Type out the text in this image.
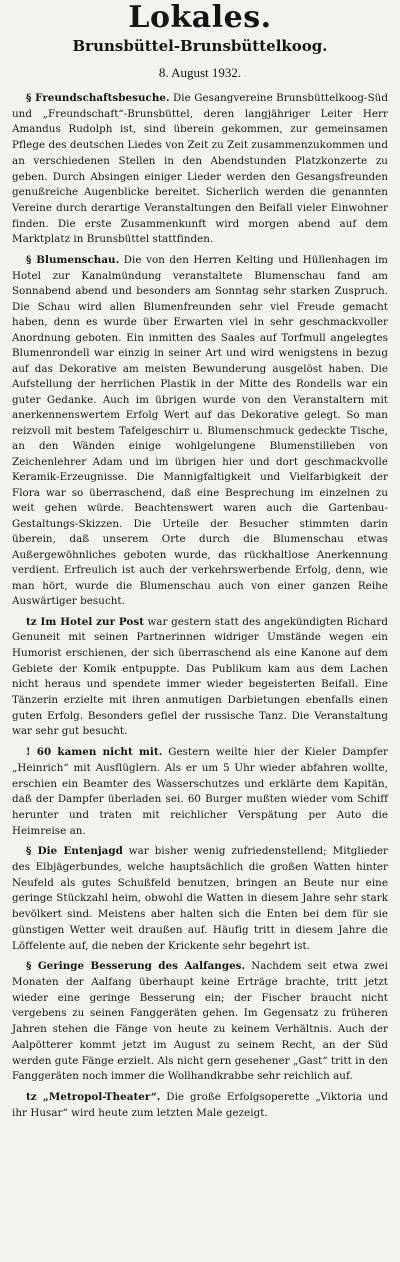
Lokales.
Brunsbüttel-Brunsbüttelkoog.
8. August 1932.

§ Freundschaftsbesuche. Die Gesangvereine Brunsbüttelkoog-Süd und „Freundschaft“-Brunsbüttel, deren langjähriger Leiter Herr Amandus Rudolph ist, sind überein gekommen, zur gemeinsamen Pflege des deutschen Liedes von Zeit zu Zeit zusammenzukommen und an verschiedenen Stellen in den Abendstunden Platzkonzerte zu geben. Durch Absingen einiger Lieder werden den Gesangsfreunden genußreiche Augenblicke bereitet. Sicherlich werden die genannten Vereine durch derartige Veranstaltungen den Beifall vieler Einwohner finden. Die erste Zusammenkunft wird morgen abend auf dem Marktplatz in Brunsbüttel stattfinden.

§ Blumenschau. Die von den Herren Kelting und Hüllenhagen im Hotel zur Kanalmündung veranstaltete Blumenschau fand am Sonnabend abend und besonders am Sonntag sehr starken Zuspruch. Die Schau wird allen Blumenfreunden sehr viel Freude gemacht haben, denn es wurde über Erwarten viel in sehr geschmackvoller Anordnung geboten. Ein inmitten des Saales auf Torfmull angelegtes Blumenrondell war einzig in seiner Art und wird wenigstens in bezug auf das Dekorative am meisten Bewunderung ausgelöst haben. Die Aufstellung der herrlichen Plastik in der Mitte des Rondells war ein guter Gedanke. Auch im übrigen wurde von den Veranstaltern mit anerkennenswertem Erfolg Wert auf das Dekorative gelegt. So man reizvoll mit bestem Tafelgeschirr u. Blumenschmuck gedeckte Tische, an den Wänden einige wohlgelungene Blumenstilleben von Zeichenlehrer Adam und im übrigen hier und dort geschmackvolle Keramik-Erzeugnisse. Die Mannigfaltigkeit und Vielfarbigkeit der Flora war so überraschend, daß eine Besprechung im einzelnen zu weit gehen würde. Beachtenswert waren auch die Gartenbau-Gestaltungs-Skizzen. Die Urteile der Besucher stimmten darin überein, daß unserem Orte durch die Blumenschau etwas Außergewöhnliches geboten wurde, das rückhaltlose Anerkennung verdient. Erfreulich ist auch der verkehrswerbende Erfolg, denn, wie man hört, wurde die Blumenschau auch von einer ganzen Reihe Auswärtiger besucht.

tz Im Hotel zur Post war gestern statt des angekündigten Richard Genuneit mit seinen Partnerinnen widriger Umstände wegen ein Humorist erschienen, der sich überraschend als eine Kanone auf dem Gebiete der Komik entpuppte. Das Publikum kam aus dem Lachen nicht heraus und spendete immer wieder begeisterten Beifall. Eine Tänzerin erzielte mit ihren anmutigen Darbietungen ebenfalls einen guten Erfolg. Besonders gefiel der russische Tanz. Die Veranstaltung war sehr gut besucht.

! 60 kamen nicht mit. Gestern weilte hier der Kieler Dampfer „Heinrich“ mit Ausflüglern. Als er um 5 Uhr wieder abfahren wollte, erschien ein Beamter des Wasserschutzes und erklärte dem Kapitän, daß der Dampfer überladen sei. 60 Burger mußten wieder vom Schiff herunter und traten mit reichlicher Verspätung per Auto die Heimreise an.

§ Die Entenjagd war bisher wenig zufriedenstellend; Mitglieder des Elbjägerbundes, welche hauptsächlich die großen Watten hinter Neufeld als gutes Schußfeld benutzen, bringen an Beute nur eine geringe Stückzahl heim, obwohl die Watten in diesem Jahre sehr stark bevölkert sind. Meistens aber halten sich die Enten bei dem für sie günstigen Wetter weit draußen auf. Häufig tritt in diesem Jahre die Löffelente auf, die neben der Krickente sehr begehrt ist.

§ Geringe Besserung des Aalfanges. Nachdem seit etwa zwei Monaten der Aalfang überhaupt keine Erträge brachte, tritt jetzt wieder eine geringe Besserung ein; der Fischer braucht nicht vergebens zu seinen Fanggeräten gehen. Im Gegensatz zu früheren Jahren stehen die Fänge von heute zu keinem Verhältnis. Auch der Aalpötterer kommt jetzt im August zu seinem Recht, an der Süd werden gute Fänge erzielt. Als nicht gern gesehener „Gast“ tritt in den Fanggeräten noch immer die Wollhandkrabbe sehr reichlich auf.

tz „Metropol-Theater“. Die große Erfolgsoperette „Viktoria und ihr Husar“ wird heute zum letzten Male gezeigt.
